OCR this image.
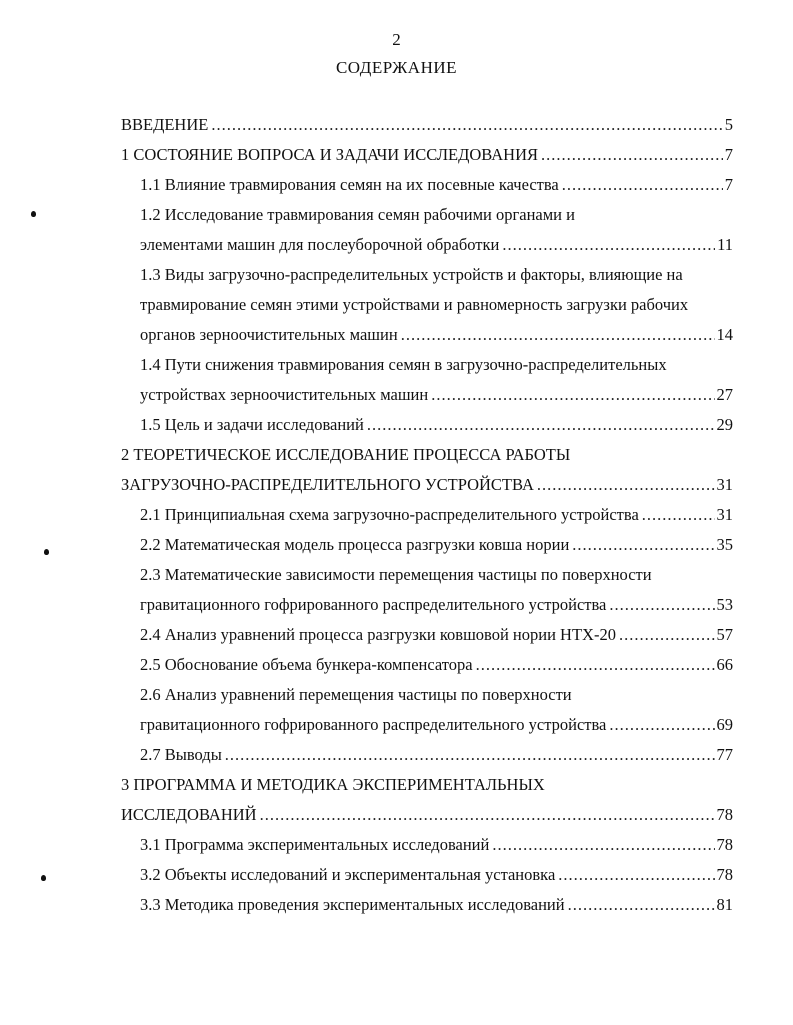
2
СОДЕРЖАНИЕ
ВВЕДЕНИЕ .....	5
1 СОСТОЯНИЕ ВОПРОСА И ЗАДАЧИ ИССЛЕДОВАНИЯ .....	7
1.1 Влияние травмирования семян на их посевные качества .....	7
1.2 Исследование травмирования семян рабочими органами и
элементами машин для послеуборочной обработки .....	11
1.3 Виды загрузочно-распределительных устройств и факторы, влияющие на
травмирование семян этими устройствами и равномерность загрузки рабочих
органов зерноочистительных машин .....	14
1.4 Пути снижения травмирования семян в загрузочно-распределительных
устройствах зерноочистительных машин .....	27
1.5 Цель и задачи исследований .....	29
2 ТЕОРЕТИЧЕСКОЕ ИССЛЕДОВАНИЕ ПРОЦЕССА РАБОТЫ
ЗАГРУЗОЧНО-РАСПРЕДЕЛИТЕЛЬНОГО УСТРОЙСТВА .....	31
2.1 Принципиальная схема загрузочно-распределительного устройства .....	31
2.2 Математическая модель процесса разгрузки ковша нории .....	35
2.3 Математические зависимости перемещения частицы по поверхности
гравитационного гофрированного распределительного устройства .....	53
2.4 Анализ уравнений процесса разгрузки ковшовой нории НТХ-20 .....	57
2.5 Обоснование объема бункера-компенсатора .....	66
2.6 Анализ уравнений перемещения частицы по поверхности
гравитационного гофрированного распределительного устройства .....	69
2.7 Выводы .....	77
3 ПРОГРАММА И МЕТОДИКА ЭКСПЕРИМЕНТАЛЬНЫХ
ИССЛЕДОВАНИЙ .....	78
3.1 Программа экспериментальных исследований .....	78
3.2 Объекты исследований и экспериментальная установка .....	78
3.3 Методика проведения экспериментальных исследований .....	81
